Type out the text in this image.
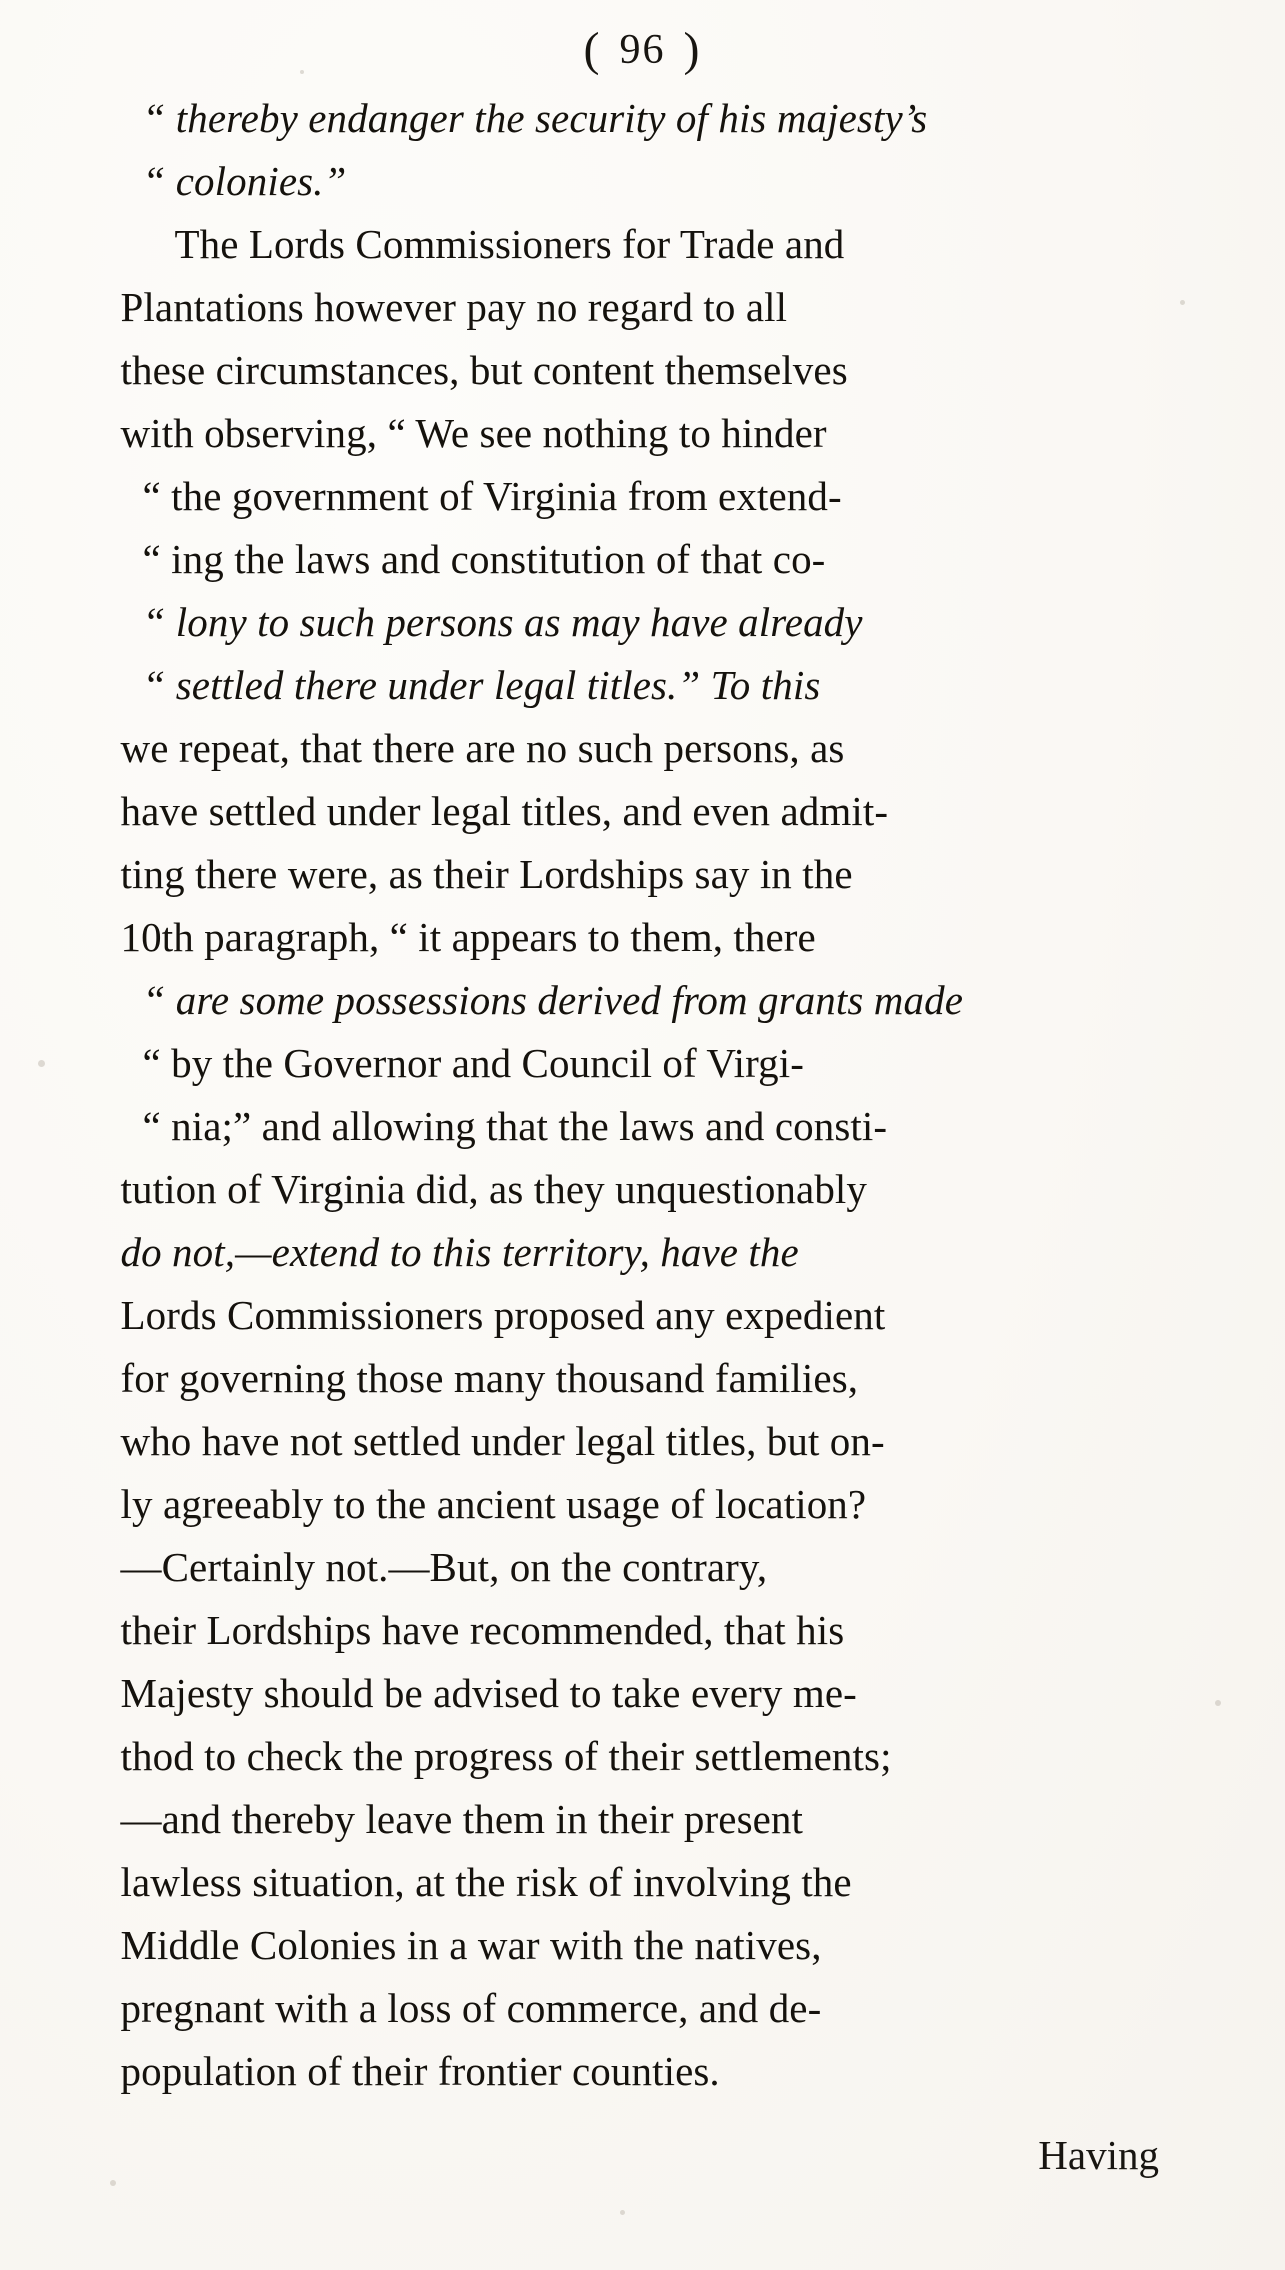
( 96 )
“ thereby endanger the security of his majesty’s
“ colonies.”
The Lords Commissioners for Trade and
Plantations however pay no regard to all
these circumstances, but content themselves
with observing, “ We see nothing to hinder
“ the government of Virginia from extend-
“ ing the laws and constitution of that co-
“ lony to such persons as may have already
“ settled there under legal titles.” To this
we repeat, that there are no such persons, as
have settled under legal titles, and even admit-
ting there were, as their Lordships say in the
10th paragraph, “ it appears to them, there
“ are some possessions derived from grants made
“ by the Governor and Council of Virgi-
“ nia;” and allowing that the laws and consti-
tution of Virginia did, as they unquestionably
do not,—extend to this territory, have the
Lords Commissioners proposed any expedient
for governing those many thousand families,
who have not settled under legal titles, but on-
ly agreeably to the ancient usage of location?
—Certainly not.—But, on the contrary,
their Lordships have recommended, that his
Majesty should be advised to take every me-
thod to check the progress of their settlements;
—and thereby leave them in their present
lawless situation, at the risk of involving the
Middle Colonies in a war with the natives,
pregnant with a loss of commerce, and de-
population of their frontier counties.
Having
